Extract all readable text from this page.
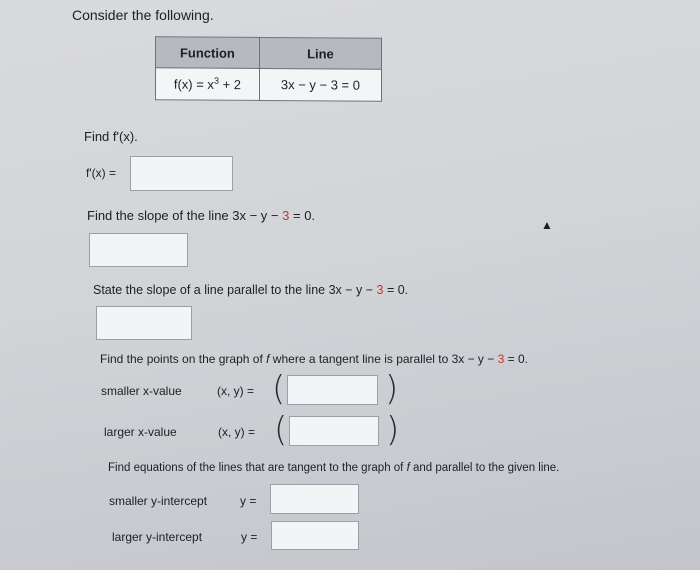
Consider the following.
Function	Line
$f(x) = x^3 + 2$	3x − y − 3 = 0
Find f'(x).
f'(x) =
Find the slope of the line 3x − y − 3 = 0.
▲
State the slope of a line parallel to the line 3x − y − 3 = 0.
Find the points on the graph of f where a tangent line is parallel to 3x − y − 3 = 0.
smaller x-value	(x, y) = (	)
larger x-value	(x, y) = (	)
Find equations of the lines that are tangent to the graph of f and parallel to the given line.
smaller y-intercept	y =
larger y-intercept	y =
